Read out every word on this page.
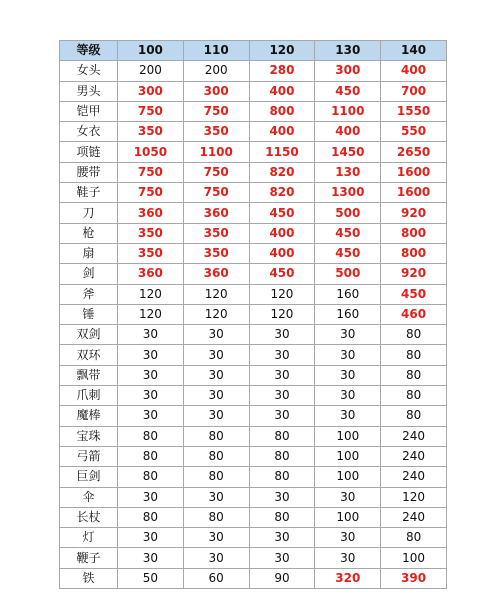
等级	100	110	120	130	140
女头	200	200	280	300	400
男头	300	300	400	450	700
铠甲	750	750	800	1100	1550
女衣	350	350	400	400	550
项链	1050	1100	1150	1450	2650
腰带	750	750	820	130	1600
鞋子	750	750	820	1300	1600
刀	360	360	450	500	920
枪	350	350	400	450	800
扇	350	350	400	450	800
剑	360	360	450	500	920
斧	120	120	120	160	450
锤	120	120	120	160	460
双剑	30	30	30	30	80
双环	30	30	30	30	80
飘带	30	30	30	30	80
爪刺	30	30	30	30	80
魔棒	30	30	30	30	80
宝珠	80	80	80	100	240
弓箭	80	80	80	100	240
巨剑	80	80	80	100	240
伞	30	30	30	30	120
长杖	80	80	80	100	240
灯	30	30	30	30	80
鞭子	30	30	30	30	100
铁	50	60	90	320	390
